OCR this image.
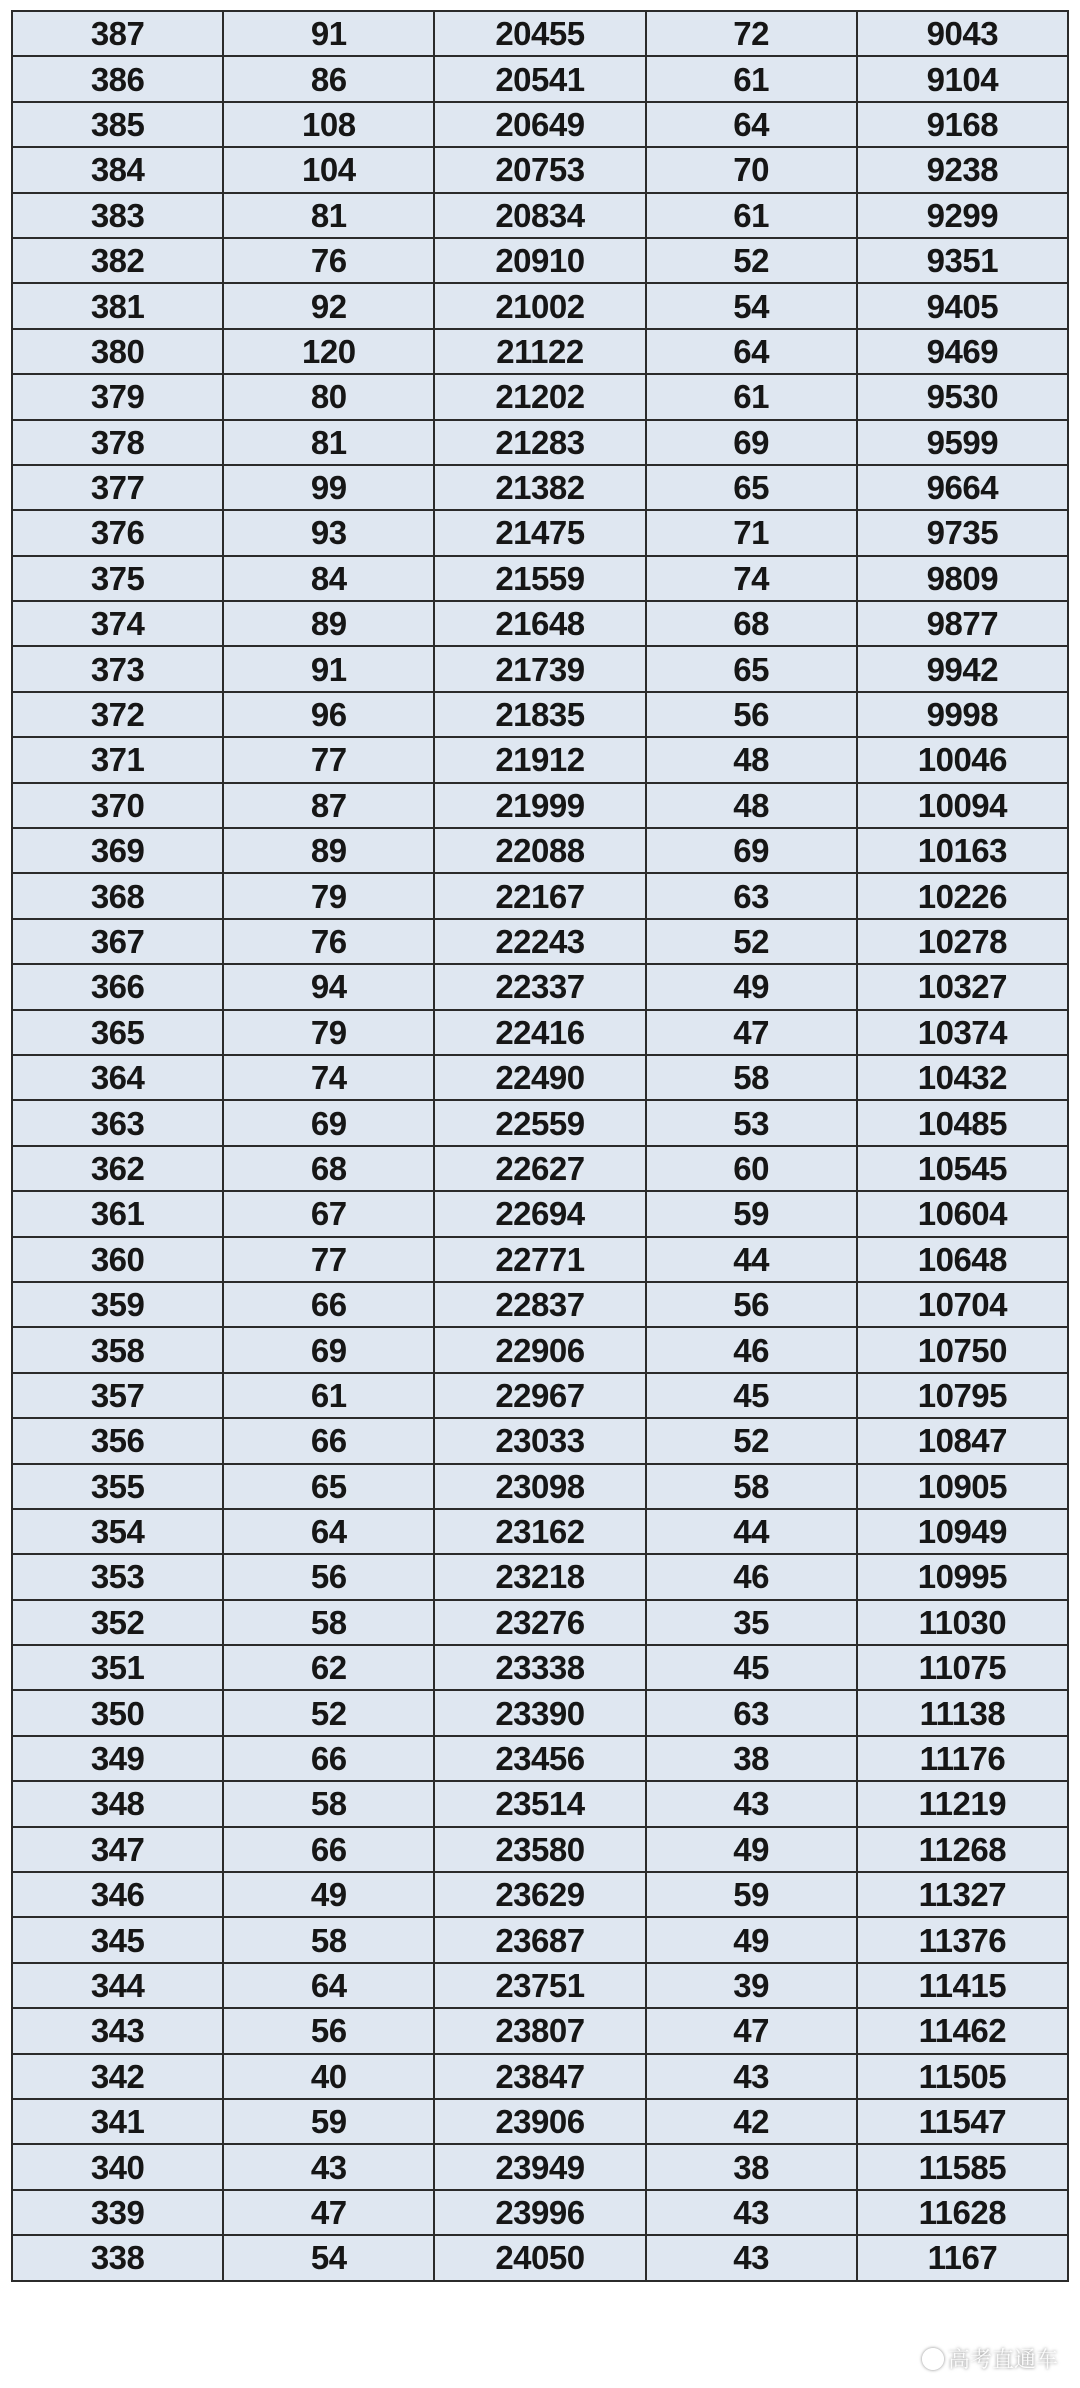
387	91	20455	72	9043
386	86	20541	61	9104
385	108	20649	64	9168
384	104	20753	70	9238
383	81	20834	61	9299
382	76	20910	52	9351
381	92	21002	54	9405
380	120	21122	64	9469
379	80	21202	61	9530
378	81	21283	69	9599
377	99	21382	65	9664
376	93	21475	71	9735
375	84	21559	74	9809
374	89	21648	68	9877
373	91	21739	65	9942
372	96	21835	56	9998
371	77	21912	48	10046
370	87	21999	48	10094
369	89	22088	69	10163
368	79	22167	63	10226
367	76	22243	52	10278
366	94	22337	49	10327
365	79	22416	47	10374
364	74	22490	58	10432
363	69	22559	53	10485
362	68	22627	60	10545
361	67	22694	59	10604
360	77	22771	44	10648
359	66	22837	56	10704
358	69	22906	46	10750
357	61	22967	45	10795
356	66	23033	52	10847
355	65	23098	58	10905
354	64	23162	44	10949
353	56	23218	46	10995
352	58	23276	35	11030
351	62	23338	45	11075
350	52	23390	63	11138
349	66	23456	38	11176
348	58	23514	43	11219
347	66	23580	49	11268
346	49	23629	59	11327
345	58	23687	49	11376
344	64	23751	39	11415
343	56	23807	47	11462
342	40	23847	43	11505
341	59	23906	42	11547
340	43	23949	38	11585
339	47	23996	43	11628
338	54	24050	43	1167
高考直通车
